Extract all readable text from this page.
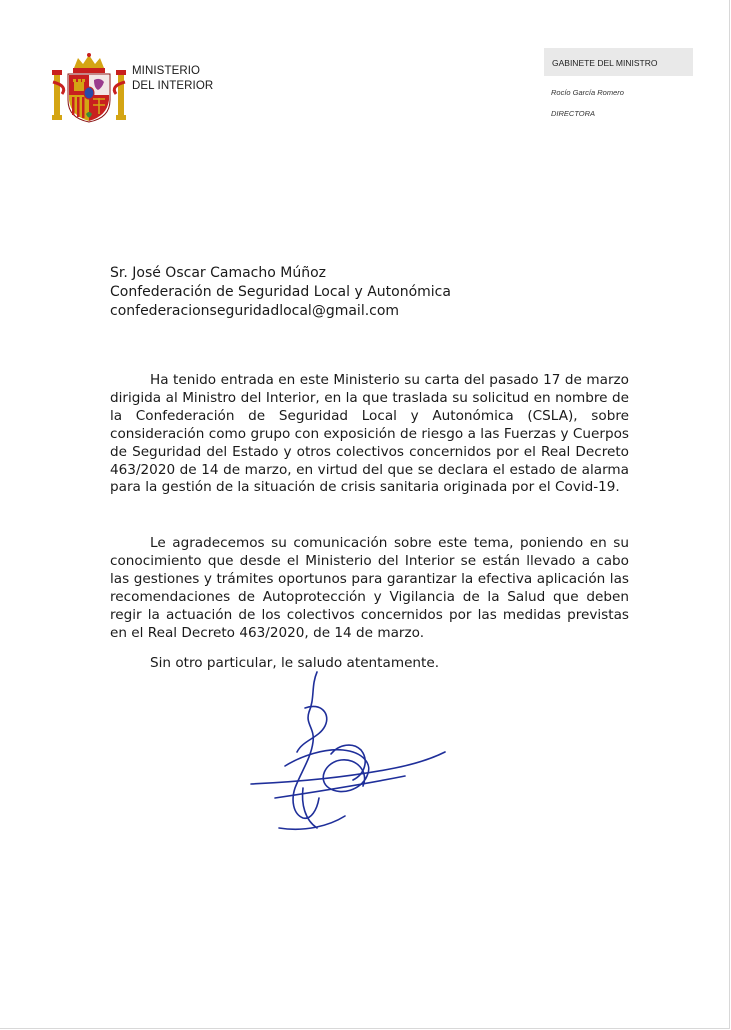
MINISTERIO
DEL INTERIOR
GABINETE DEL MINISTRO
Rocío García Romero
DIRECTORA
Sr. José Oscar Camacho Múñoz
Confederación de Seguridad Local y Autonómica
confederacionseguridadlocal@gmail.com

Ha tenido entrada en este Ministerio su carta del pasado 17 de marzo dirigida al Ministro del Interior, en la que traslada su solicitud en nombre de la Confederación de Seguridad Local y Autonómica (CSLA), sobre consideración como grupo con exposición de riesgo a las Fuerzas y Cuerpos de Seguridad del Estado y otros colectivos concernidos por el Real Decreto 463/2020 de 14 de marzo, en virtud del que se declara el estado de alarma para la gestión de la situación de crisis sanitaria originada por el Covid-19.

Le agradecemos su comunicación sobre este tema, poniendo en su conocimiento que desde el Ministerio del Interior se están llevado a cabo las gestiones y trámites oportunos para garantizar la efectiva aplicación las recomendaciones de Autoprotección y Vigilancia de la Salud que deben regir la actuación de los colectivos concernidos por las medidas previstas en el Real Decreto 463/2020, de 14 de marzo.

Sin otro particular, le saludo atentamente.
